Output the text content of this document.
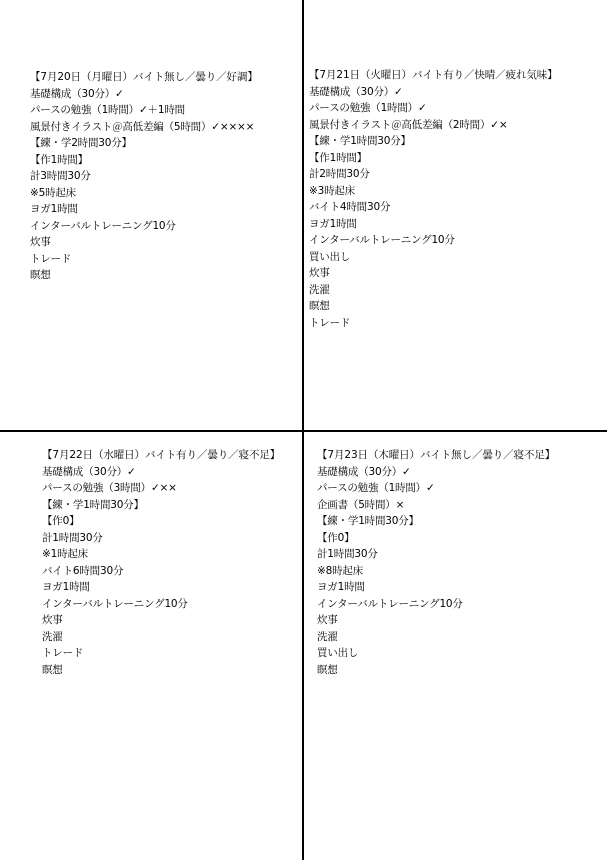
【7月20日（月曜日）バイト無し／曇り／好調】
基礎構成（30分）✓
パースの勉強（1時間）✓＋1時間
風景付きイラスト＠高低差編（5時間）✓××××
【練・学2時間30分】
【作1時間】
計3時間30分
※5時起床
ヨガ1時間
インターバルトレーニング10分
炊事
トレード
瞑想
【7月21日（火曜日）バイト有り／快晴／疲れ気味】
基礎構成（30分）✓
パースの勉強（1時間）✓
風景付きイラスト＠高低差編（2時間）✓×
【練・学1時間30分】
【作1時間】
計2時間30分
※3時起床
バイト4時間30分
ヨガ1時間
インターバルトレーニング10分
買い出し
炊事
洗濯
瞑想
トレード
【7月22日（水曜日）バイト有り／曇り／寝不足】
基礎構成（30分）✓
パースの勉強（3時間）✓××
【練・学1時間30分】
【作0】
計1時間30分
※1時起床
バイト6時間30分
ヨガ1時間
インターバルトレーニング10分
炊事
洗濯
トレード
瞑想
【7月23日（木曜日）バイト無し／曇り／寝不足】
基礎構成（30分）✓
パースの勉強（1時間）✓
企画書（5時間）×
【練・学1時間30分】
【作0】
計1時間30分
※8時起床
ヨガ1時間
インターバルトレーニング10分
炊事
洗濯
買い出し
瞑想
